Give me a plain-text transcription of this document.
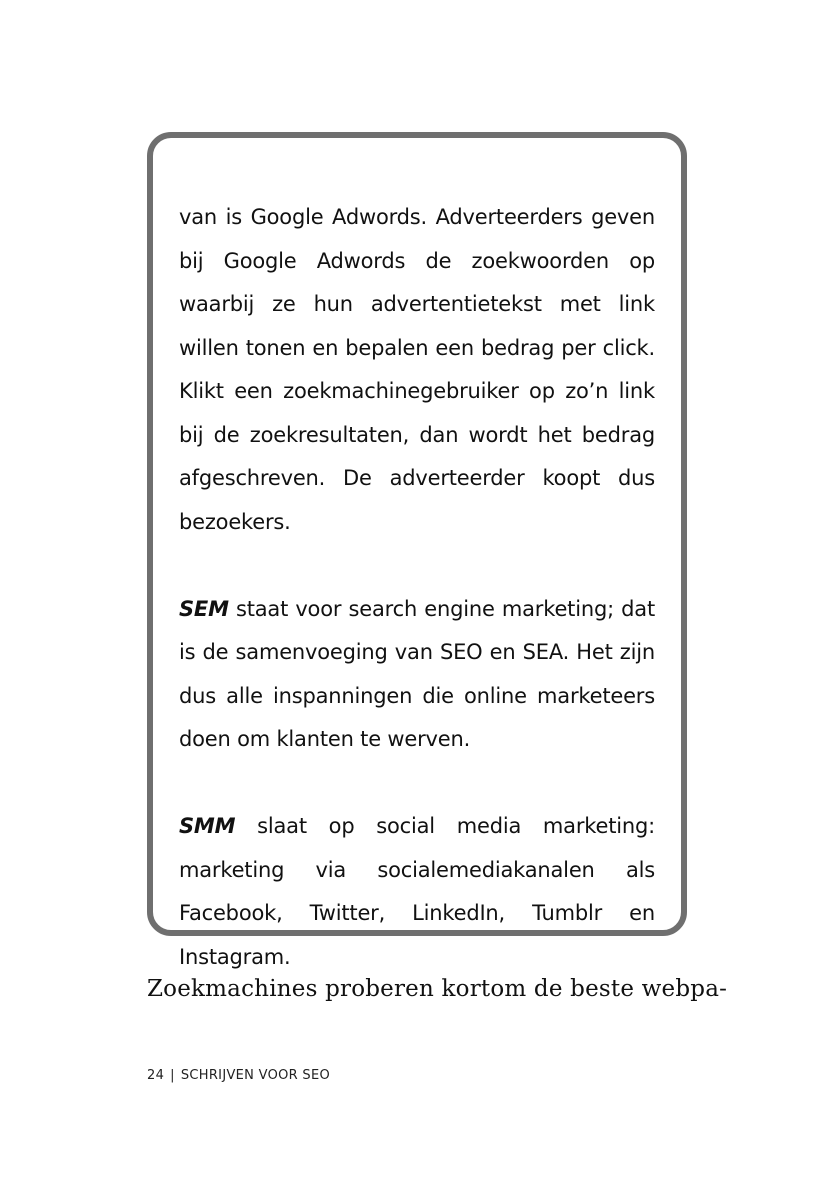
van is Google Adwords. Adverteerders geven bij Google Adwords de zoekwoorden op waarbij ze hun advertentietekst met link willen tonen en bepalen een bedrag per click. Klikt een zoekmachinegebruiker op zo’n link bij de zoekresultaten, dan wordt het bedrag afgeschreven. De adverteerder koopt dus bezoekers.

SEM staat voor search engine marketing; dat is de samenvoeging van SEO en SEA. Het zijn dus alle inspanningen die online marketeers doen om klanten te werven.

SMM slaat op social media marketing: marketing via socialemediakanalen als Facebook, Twitter, LinkedIn, Tumblr en Instagram.

Zoekmachines proberen kortom de beste webpa-

24 | SCHRIJVEN VOOR SEO
